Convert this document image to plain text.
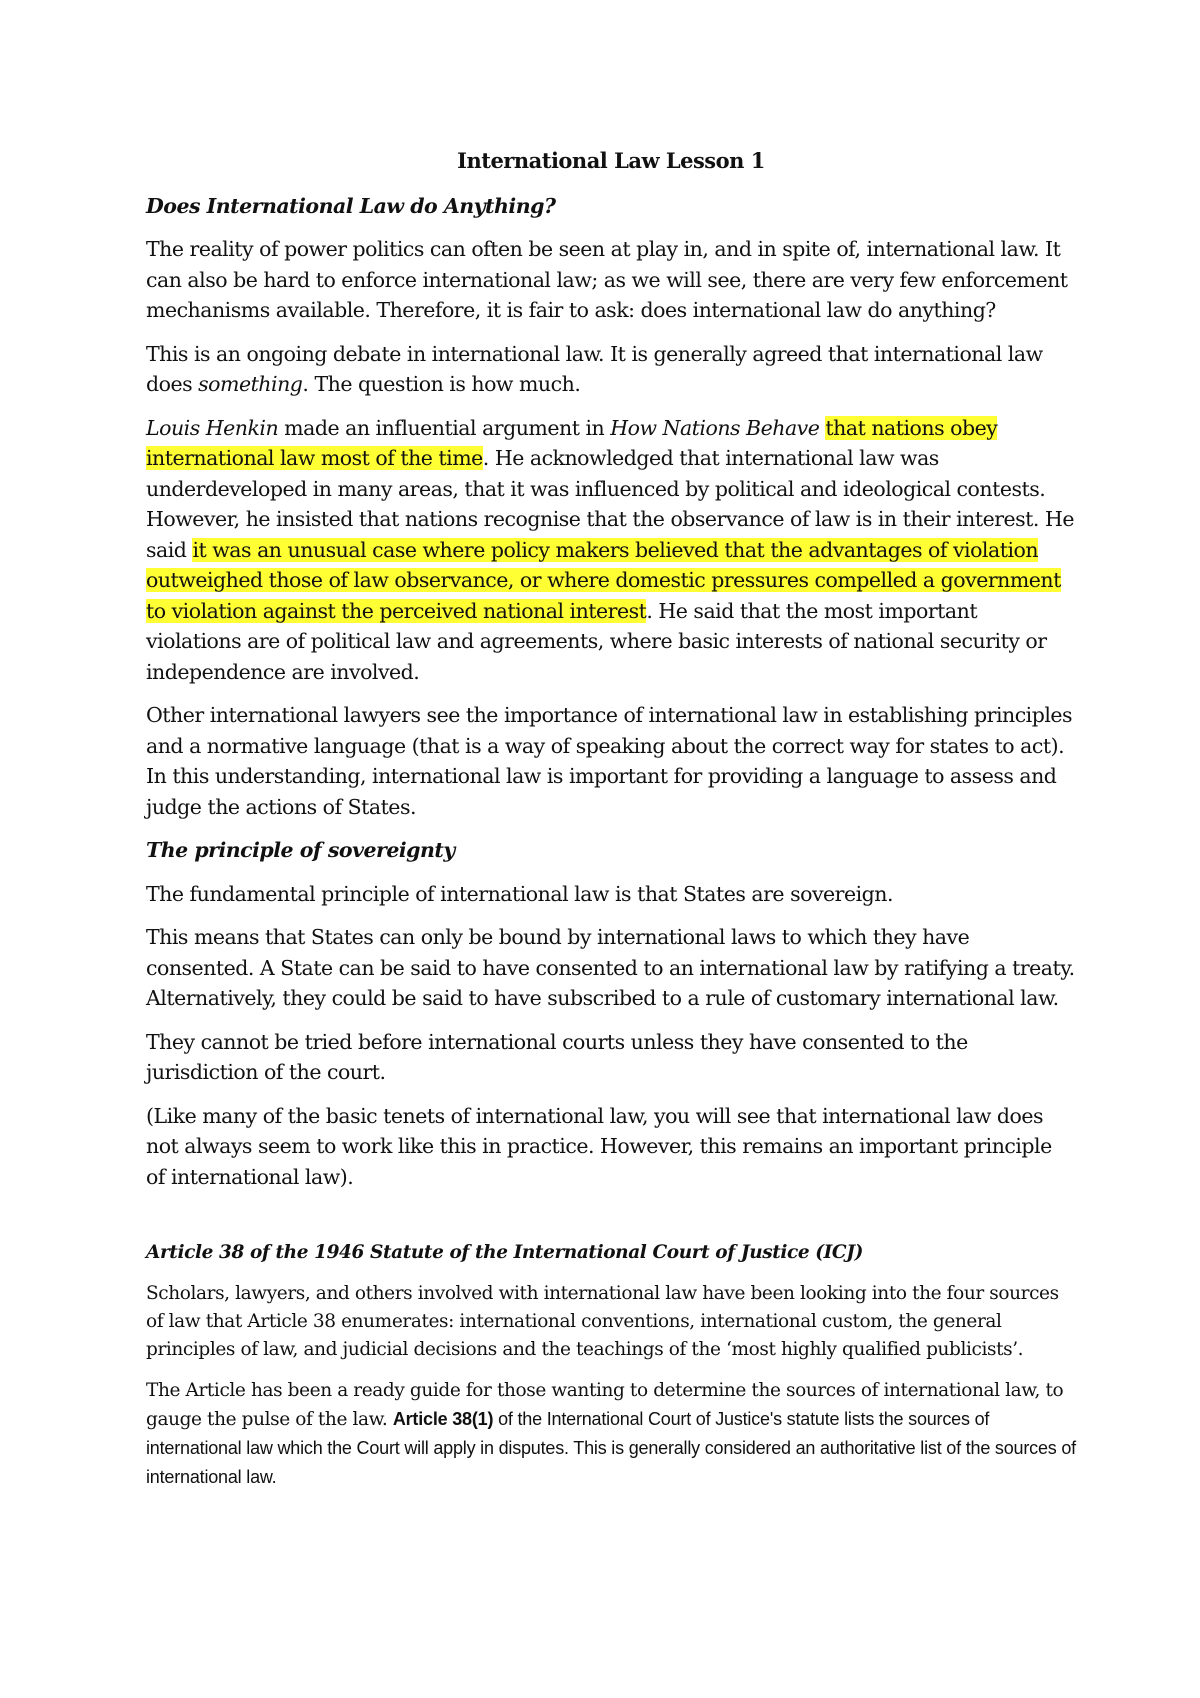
International Law Lesson 1
Does International Law do Anything?

The reality of power politics can often be seen at play in, and in spite of, international law. It can also be hard to enforce international law; as we will see, there are very few enforcement mechanisms available. Therefore, it is fair to ask: does international law do anything?

This is an ongoing debate in international law. It is generally agreed that international law does something. The question is how much.

Louis Henkin made an influential argument in How Nations Behave that nations obey international law most of the time. He acknowledged that international law was underdeveloped in many areas, that it was influenced by political and ideological contests. However, he insisted that nations recognise that the observance of law is in their interest. He said it was an unusual case where policy makers believed that the advantages of violation outweighed those of law observance, or where domestic pressures compelled a government to violation against the perceived national interest. He said that the most important violations are of political law and agreements, where basic interests of national security or independence are involved.

Other international lawyers see the importance of international law in establishing principles and a normative language (that is a way of speaking about the correct way for states to act). In this understanding, international law is important for providing a language to assess and judge the actions of States.

The principle of sovereignty

The fundamental principle of international law is that States are sovereign.

This means that States can only be bound by international laws to which they have consented. A State can be said to have consented to an international law by ratifying a treaty. Alternatively, they could be said to have subscribed to a rule of customary international law.

They cannot be tried before international courts unless they have consented to the jurisdiction of the court.

(Like many of the basic tenets of international law, you will see that international law does not always seem to work like this in practice. However, this remains an important principle of international law).

Article 38 of the 1946 Statute of the International Court of Justice (ICJ)

Scholars, lawyers, and others involved with international law have been looking into the four sources of law that Article 38 enumerates: international conventions, international custom, the general principles of law, and judicial decisions and the teachings of the ‘most highly qualified publicists’.

The Article has been a ready guide for those wanting to determine the sources of international law, to gauge the pulse of the law. Article 38(1) of the International Court of Justice's statute lists the sources of international law which the Court will apply in disputes. This is generally considered an authoritative list of the sources of international law.
